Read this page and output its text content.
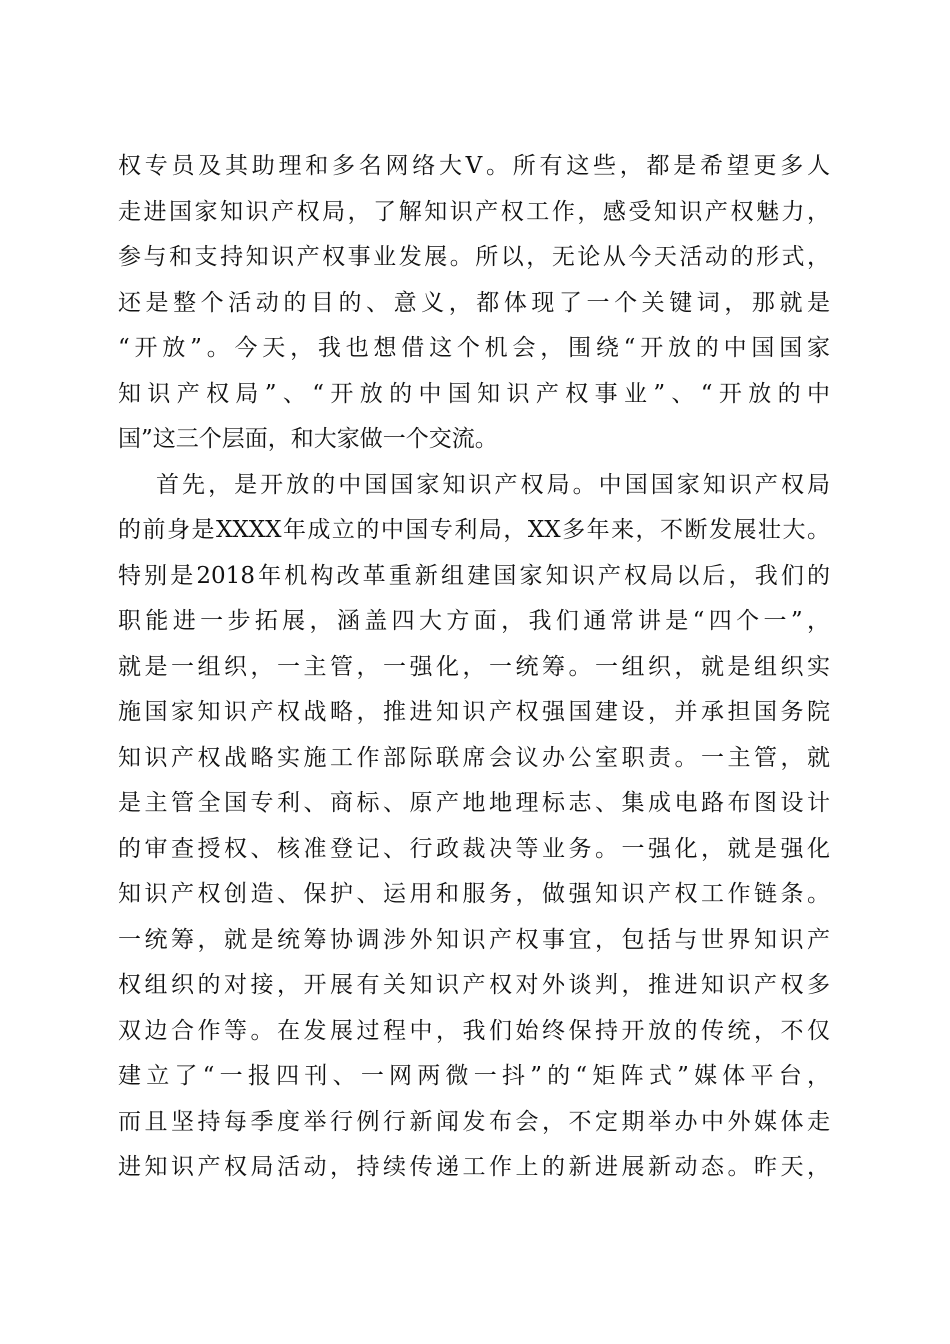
权专员及其助理和多名网络大V。所有这些，都是希望更多人
走进国家知识产权局，了解知识产权工作，感受知识产权魅力，
参与和支持知识产权事业发展。所以，无论从今天活动的形式，
还是整个活动的目的、意义，都体现了一个关键词，那就是
“开放”。今天，我也想借这个机会，围绕“开放的中国国家
知识产权局”、“开放的中国知识产权事业”、“开放的中
国”这三个层面，和大家做一个交流。
首先，是开放的中国国家知识产权局。中国国家知识产权局
的前身是XXXX年成立的中国专利局，XX多年来，不断发展壮大。
特别是2018年机构改革重新组建国家知识产权局以后，我们的
职能进一步拓展，涵盖四大方面，我们通常讲是“四个一”，
就是一组织，一主管，一强化，一统筹。一组织，就是组织实
施国家知识产权战略，推进知识产权强国建设，并承担国务院
知识产权战略实施工作部际联席会议办公室职责。一主管，就
是主管全国专利、商标、原产地地理标志、集成电路布图设计
的审查授权、核准登记、行政裁决等业务。一强化，就是强化
知识产权创造、保护、运用和服务，做强知识产权工作链条。
一统筹，就是统筹协调涉外知识产权事宜，包括与世界知识产
权组织的对接，开展有关知识产权对外谈判，推进知识产权多
双边合作等。在发展过程中，我们始终保持开放的传统，不仅
建立了“一报四刊、一网两微一抖”的“矩阵式”媒体平台，
而且坚持每季度举行例行新闻发布会，不定期举办中外媒体走
进知识产权局活动，持续传递工作上的新进展新动态。昨天，
